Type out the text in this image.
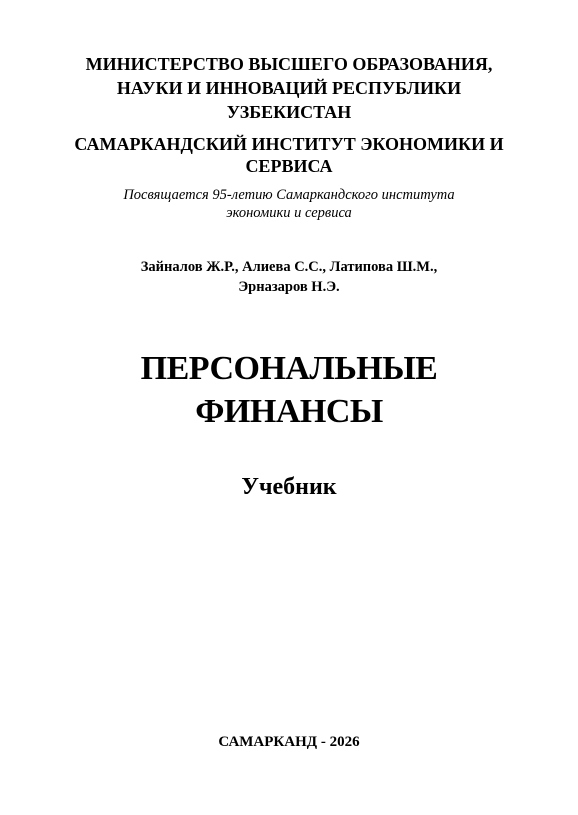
МИНИСТЕРСТВО ВЫСШЕГО ОБРАЗОВАНИЯ,
НАУКИ И ИННОВАЦИЙ РЕСПУБЛИКИ
УЗБЕКИСТАН
САМАРКАНДСКИЙ ИНСТИТУТ ЭКОНОМИКИ И
СЕРВИСА
Посвящается 95-летию Самаркандского института
экономики и сервиса
Зайналов Ж.Р., Алиева С.С., Латипова Ш.М.,
Эрназаров Н.Э.
ПЕРСОНАЛЬНЫЕ
ФИНАНСЫ
Учебник
САМАРКАНД - 2026
